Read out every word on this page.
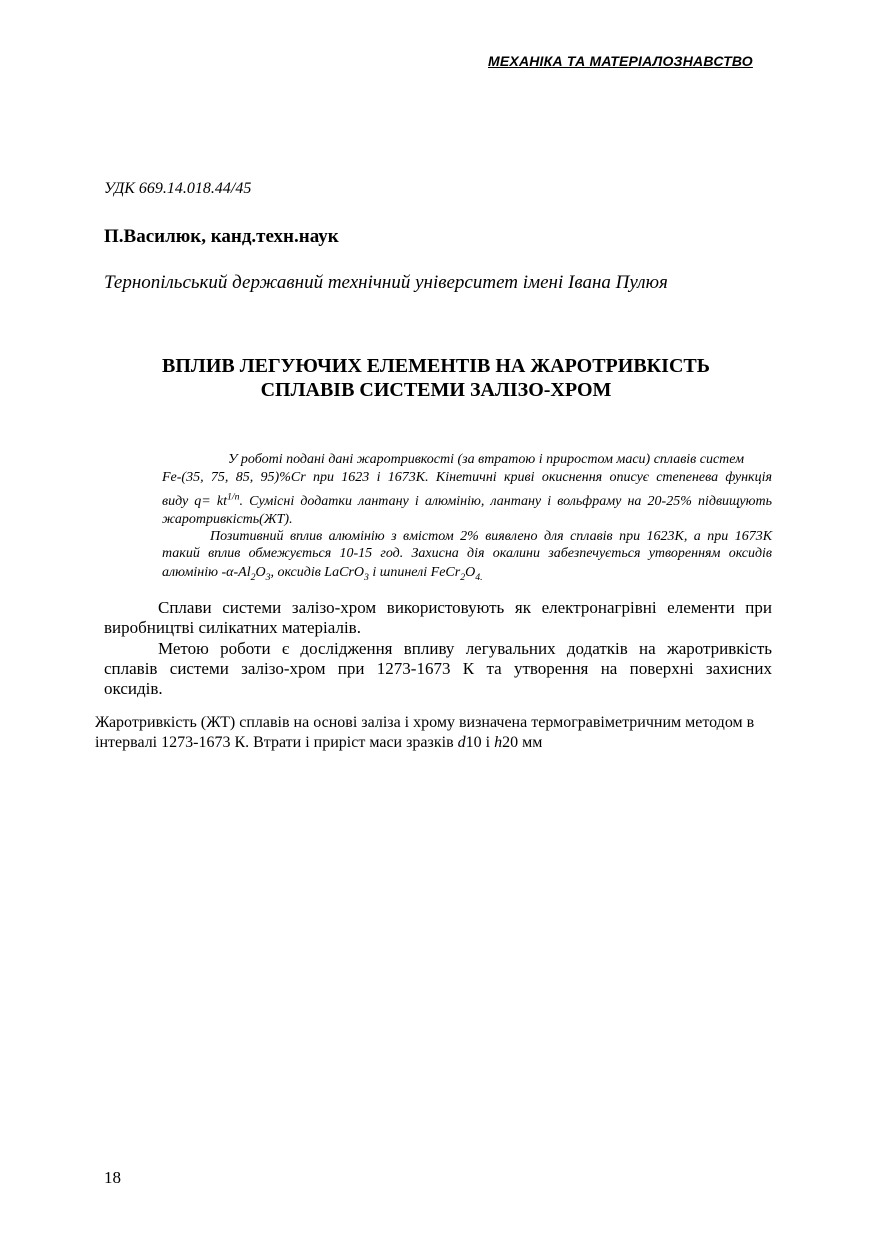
МЕХАНІКА ТА МАТЕРІАЛОЗНАВСТВО
УДК 669.14.018.44/45
П.Василюк, канд.техн.наук
Тернопільський державний технічний університет імені Івана Пулюя
ВПЛИВ ЛЕГУЮЧИХ ЕЛЕМЕНТІВ НА ЖАРОТРИВКІСТЬ
СПЛАВІВ СИСТЕМИ ЗАЛІЗО-ХРОМ
У роботі подані дані жаротривкості (за втратою і приростом маси) сплавів систем
Fe-(35, 75, 85, 95)%Cr при 1623 і 1673К. Кінетичні криві окиснення описує степенева функція
виду $q= kt^{1/n}$. Сумісні додатки лантану і алюмінію, лантану і вольфраму на 20-25% підвищують
жаротривкість(ЖТ).
Позитивний вплив алюмінію з вмістом 2% виявлено для сплавів при 1623К, а при 1673К
такий вплив обмежується 10-15 год. Захисна дія окалини забезпечується утворенням оксидів
алюмінію $-\alpha-Al_2O_3$, оксидів LaCrO$_3$ і шпинелі $FeCr_2O_{4.}$
Сплави системи залізо-хром використовують як електронагрівні елементи при
виробництві силікатних матеріалів.
Метою роботи є дослідження впливу легувальних додатків на жаротривкість
сплавів системи залізо-хром при 1273-1673 К та утворення на поверхні захисних
оксидів.
Жаротривкість (ЖТ) сплавів на основі заліза і хрому визначена термогравіметричним методом в
інтервалі 1273-1673 К. Втрати і приріст маси зразків d10 і h20 мм
18
